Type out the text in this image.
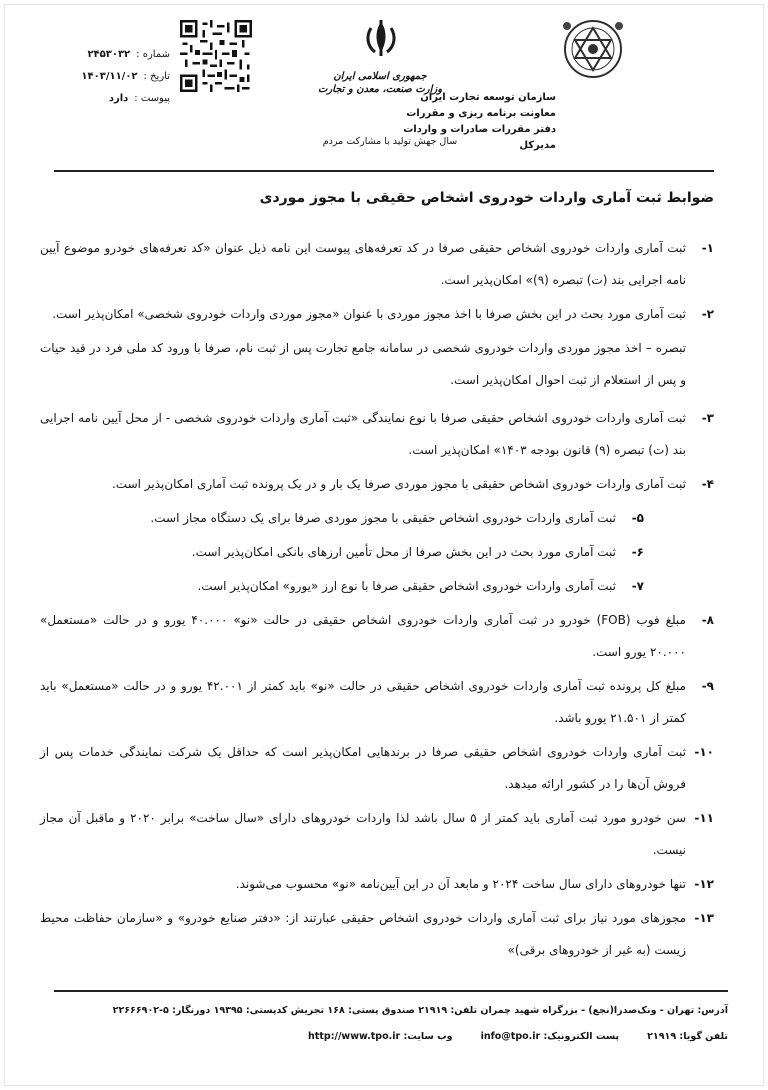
سازمان توسعه تجارت ایران
معاونت برنامه ریزی و مقررات
دفتر مقررات صادرات و واردات
مدیرکل
جمهوری اسلامی ایران
وزارت صنعت، معدن و تجارت
سال جهش تولید با مشارکت مردم
شماره :
۲۴۵۳۰۳۲
تاریخ :
۱۴۰۳/۱۱/۰۲
پیوست :
دارد
ضوابط ثبت آماری واردات خودروی اشخاص حقیقی با مجوز موردی
۱-
ثبت آماری واردات خودروی اشخاص حقیقی صرفا در کد تعرفه‌های پیوست این نامه ذیل عنوان «کد تعرفه‌های خودرو موضوع آیین نامه اجرایی بند (ت) تبصره (۹)» امکان‌پذیر است.
۲-
ثبت آماری مورد بحث در این بخش صرفا با اخذ مجوز موردی با عنوان «مجوز موردی واردات خودروی شخصی» امکان‌پذیر است.
تبصره – اخذ مجوز موردی واردات خودروی شخصی در سامانه جامع تجارت پس از ثبت نام، صرفا با ورود کد ملی فرد در قید حیات و پس از استعلام از ثبت احوال امکان‌پذیر است.
۳-
ثبت آماری واردات خودروی اشخاص حقیقی صرفا با نوع نمایندگی «ثبت آماری واردات خودروی شخصی - از محل آیین نامه اجرایی بند (ت) تبصره (۹) قانون بودجه ۱۴۰۳» امکان‌پذیر است.
۴-
ثبت آماری واردات خودروی اشخاص حقیقی با مجوز موردی صرفا یک بار و در یک پرونده ثبت آماری امکان‌پذیر است.
۵-
ثبت آماری واردات خودروی اشخاص حقیقی با مجوز موردی صرفا برای یک دستگاه مجاز است.
۶-
ثبت آماری مورد بحث در این بخش صرفا از محل تأمین ارزهای بانکی امکان‌پذیر است.
۷-
ثبت آماری واردات خودروی اشخاص حقیقی صرفا با نوع ارز «یورو» امکان‌پذیر است.
۸-
مبلغ فوب (FOB) خودرو در ثبت آماری واردات خودروی اشخاص حقیقی در حالت «نو» ۴۰.۰۰۰ یورو و در حالت «مستعمل» ۲۰.۰۰۰ یورو است.
۹-
مبلغ کل پرونده ثبت آماری واردات خودروی اشخاص حقیقی در حالت «نو» باید کمتر از ۴۲.۰۰۱ یورو و در حالت «مستعمل» باید کمتر از ۲۱.۵۰۱ یورو باشد.
۱۰-
ثبت آماری واردات خودروی اشخاص حقیقی صرفا در برندهایی امکان‌پذیر است که حداقل یک شرکت نمایندگی خدمات پس از فروش آن‌ها را در کشور ارائه میدهد.
۱۱-
سن خودرو مورد ثبت آماری باید کمتر از ۵ سال باشد لذا واردات خودروهای دارای «سال ساخت» برابر ۲۰۲۰ و ماقبل آن مجاز نیست.
۱۲-
تنها خودروهای دارای سال ساخت ۲۰۲۴ و مابعد آن در این آیین‌نامه «نو» محسوب می‌شوند.
۱۳-
مجوزهای مورد نیاز برای ثبت آماری واردات خودروی اشخاص حقیقی عبارتند از: «دفتر صنایع خودرو» و «سازمان حفاظت محیط زیست (به غیر از خودروهای برقی)»
آدرس: تهران - ونک‌صدرا(نجع) - بزرگراه شهید چمران تلفن: ۲۱۹۱۹ صندوق پستی: ۱۶۸ تجریش کدپستی: ۱۹۳۹۵ دورنگار: ۵-۲۲۶۶۶۹۰۲
تلفن گویا: ۲۱۹۱۹
پست الکترونیک: info@tpo.ir
وب سایت: http://www.tpo.ir
